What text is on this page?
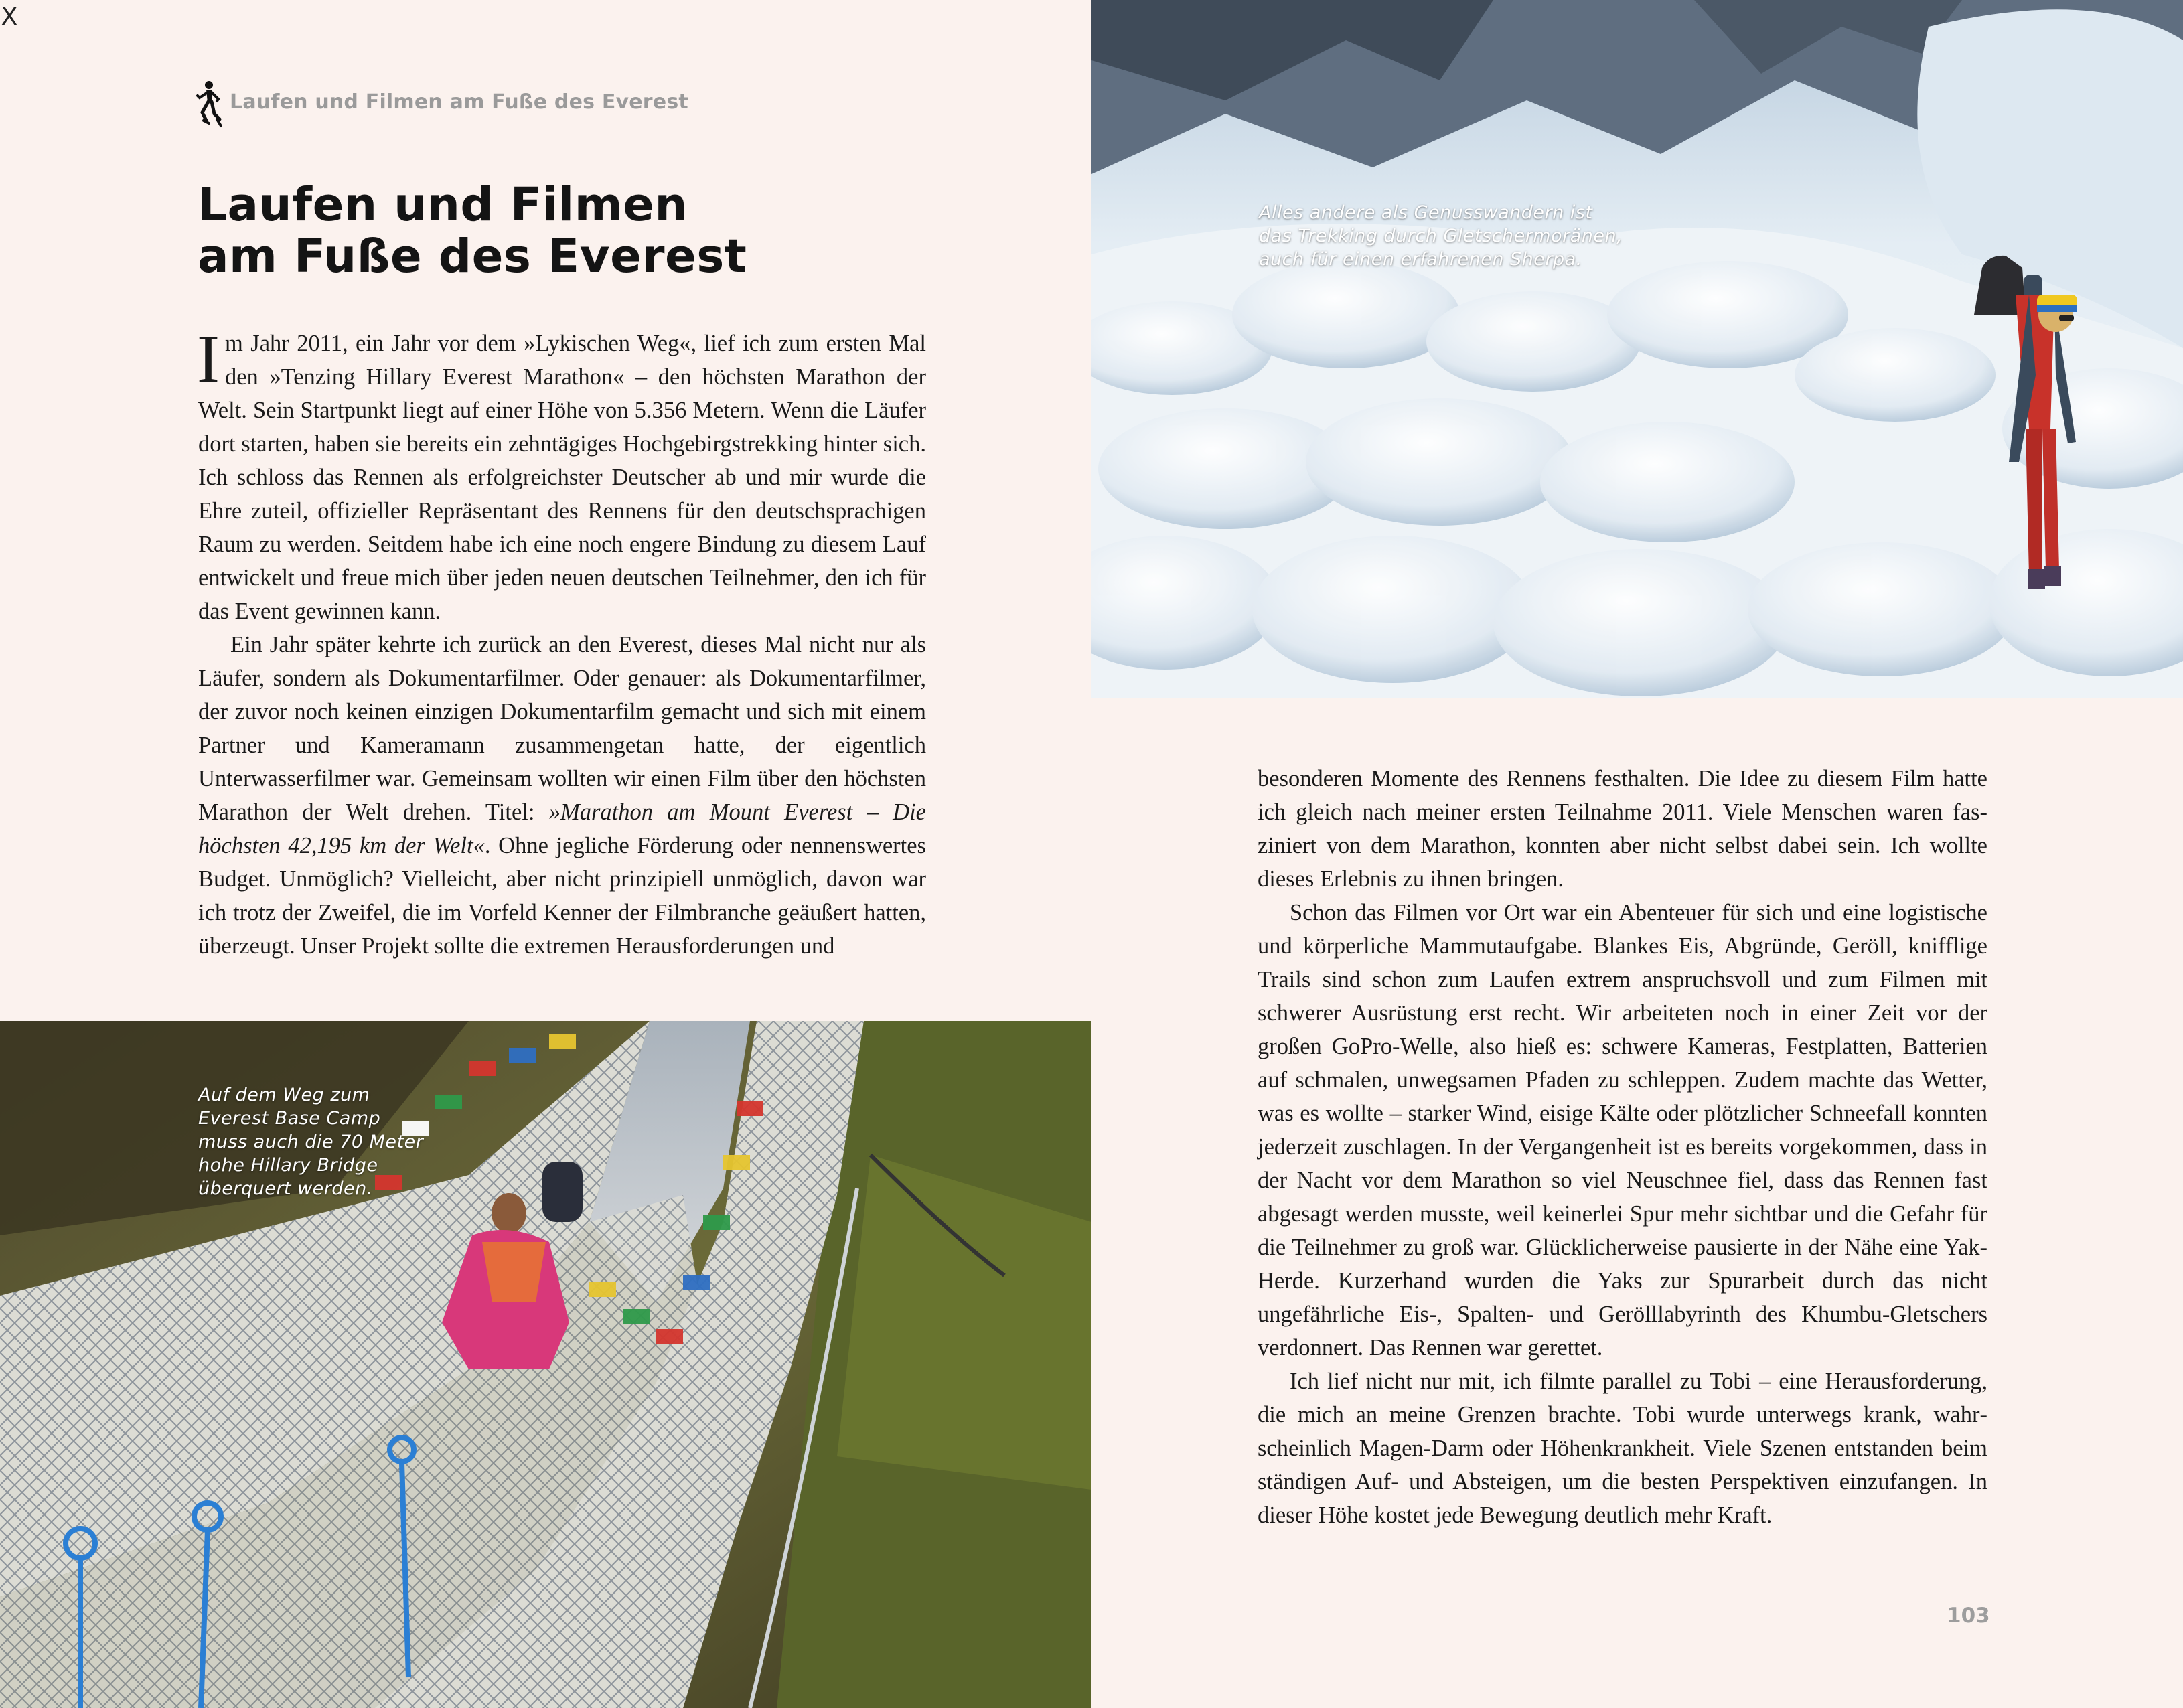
X
Laufen und Filmen am Fuße des Everest
Laufen und Filmen
am Fuße des Everest

Im Jahr 2011, ein Jahr vor dem »Lykischen Weg«, lief ich zum ersten Mal den »Tenzing Hillary Everest Marathon« – den höchsten Marathon der Welt. Sein Startpunkt liegt auf einer Höhe von 5.356 Metern. Wenn die Läufer dort starten, haben sie bereits ein zehntägiges Hochgebirgstrekking hinter sich. Ich schloss das Rennen als erfolgreichster Deutscher ab und mir wurde die Ehre zuteil, offizieller Repräsentant des Rennens für den deutschsprachigen Raum zu werden. Seitdem habe ich eine noch engere Bindung zu diesem Lauf entwickelt und freue mich über jeden neuen deutschen Teilnehmer, den ich für das Event gewinnen kann.

Ein Jahr später kehrte ich zurück an den Everest, dieses Mal nicht nur als Läufer, sondern als Dokumentarfilmer. Oder genauer: als Dokumentarfilmer, der zuvor noch keinen einzigen Dokumentarfilm gemacht und sich mit einem Partner und Kameramann zusammengetan hatte, der eigentlich Unterwasserfilmer war. Gemeinsam wollten wir einen Film über den höchsten Marathon der Welt drehen. Titel: »Marathon am Mount Everest – Die höchsten 42,195 km der Welt«. Ohne jegliche Förderung oder nennenswertes Budget. Unmöglich? Vielleicht, aber nicht prinzipiell unmöglich, davon war ich trotz der Zweifel, die im Vorfeld Kenner der Filmbranche geäußert hatten, überzeugt. Unser Projekt sollte die extremen Herausforderungen und

Alles andere als Genusswandern ist
das Trekking durch Gletschermoränen,
auch für einen erfahrenen Sherpa.

besonderen Momente des Rennens festhalten. Die Idee zu diesem Film hatte ich gleich nach meiner ersten Teilnahme 2011. Viele Menschen waren fasziniert von dem Marathon, konnten aber nicht selbst dabei sein. Ich wollte dieses Erlebnis zu ihnen bringen.

Schon das Filmen vor Ort war ein Abenteuer für sich und eine logistische und körperliche Mammutaufgabe. Blankes Eis, Abgründe, Geröll, knifflige Trails sind schon zum Laufen extrem anspruchsvoll und zum Filmen mit schwerer Ausrüstung erst recht. Wir arbeiteten noch in einer Zeit vor der großen GoPro-Welle, also hieß es: schwere Kameras, Festplatten, Batterien auf schmalen, unwegsamen Pfaden zu schleppen. Zudem machte das Wetter, was es wollte – starker Wind, eisige Kälte oder plötzlicher Schneefall konnten jederzeit zuschlagen. In der Vergangenheit ist es bereits vorgekommen, dass in der Nacht vor dem Marathon so viel Neuschnee fiel, dass das Rennen fast abgesagt werden musste, weil keinerlei Spur mehr sichtbar und die Gefahr für die Teilnehmer zu groß war. Glücklicherweise pausierte in der Nähe eine Yak-Herde. Kurzerhand wurden die Yaks zur Spurarbeit durch das nicht ungefährliche Eis-, Spalten- und Gerölllabyrinth des Khumbu-Gletschers verdonnert. Das Rennen war gerettet.

Ich lief nicht nur mit, ich filmte parallel zu Tobi – eine Herausforderung, die mich an meine Grenzen brachte. Tobi wurde unterwegs krank, wahrscheinlich Magen-Darm oder Höhenkrankheit. Viele Szenen entstanden beim ständigen Auf- und Absteigen, um die besten Perspektiven einzufangen. In dieser Höhe kostet jede Bewegung deutlich mehr Kraft.

Auf dem Weg zum
Everest Base Camp
muss auch die 70 Meter
hohe Hillary Bridge
überquert werden.
103
